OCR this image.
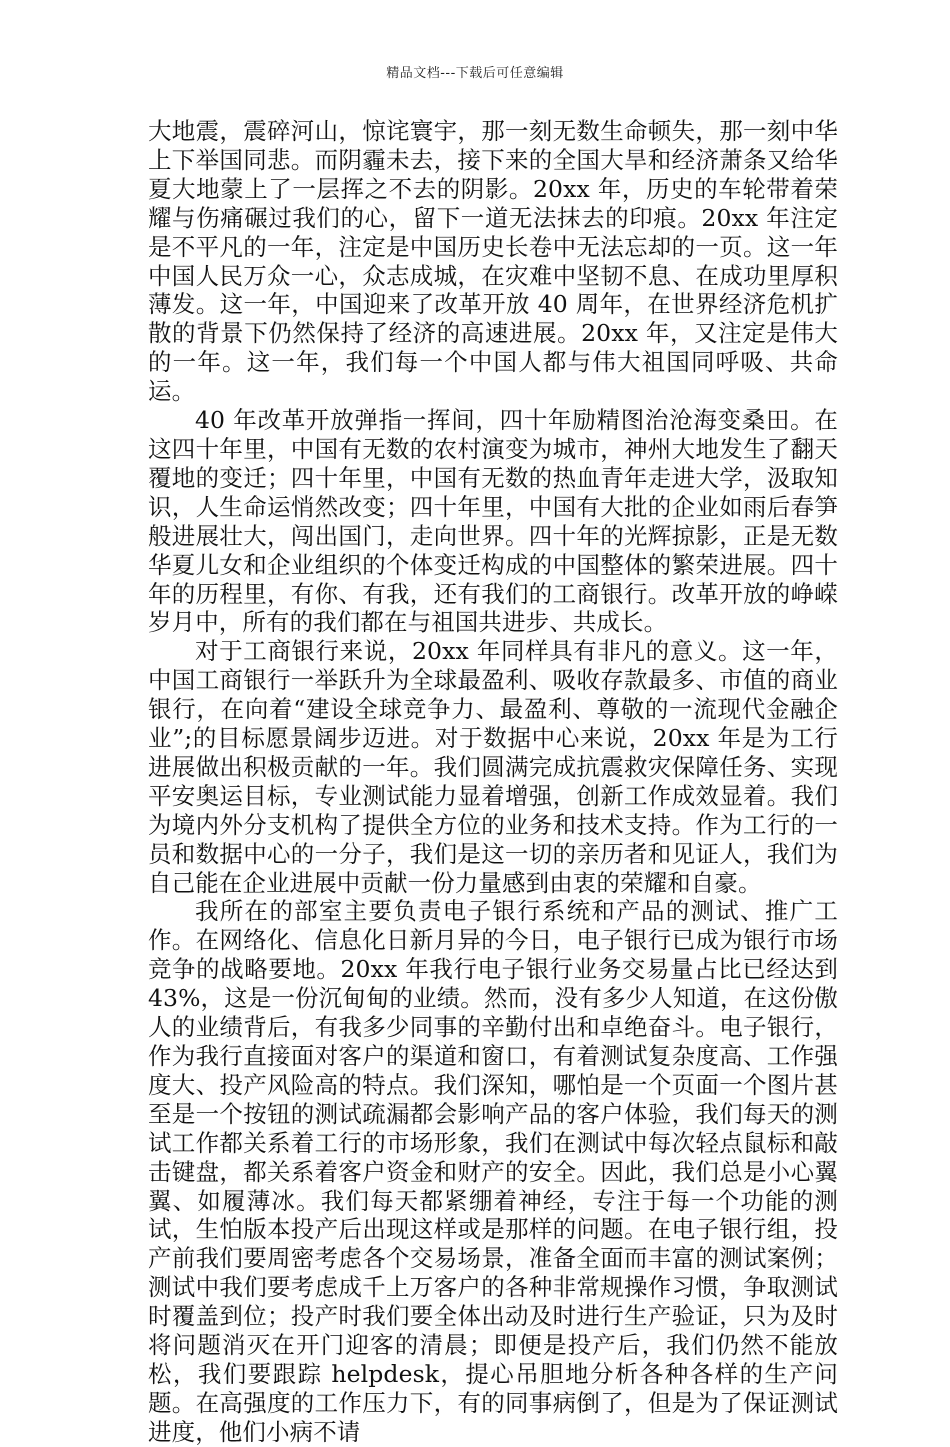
精品文档---下载后可任意编辑

大地震，震碎河山，惊诧寰宇，那一刻无数生命顿失，那一刻中华上下举国同悲。而阴霾未去，接下来的全国大旱和经济萧条又给华夏大地蒙上了一层挥之不去的阴影。20xx 年，历史的车轮带着荣耀与伤痛碾过我们的心，留下一道无法抹去的印痕。20xx 年注定是不平凡的一年，注定是中国历史长卷中无法忘却的一页。这一年中国人民万众一心，众志成城，在灾难中坚韧不息、在成功里厚积薄发。这一年，中国迎来了改革开放 40 周年，在世界经济危机扩散的背景下仍然保持了经济的高速进展。20xx 年，又注定是伟大的一年。这一年，我们每一个中国人都与伟大祖国同呼吸、共命运。

40 年改革开放弹指一挥间，四十年励精图治沧海变桑田。在这四十年里，中国有无数的农村演变为城市，神州大地发生了翻天覆地的变迁；四十年里，中国有无数的热血青年走进大学，汲取知识，人生命运悄然改变；四十年里，中国有大批的企业如雨后春笋般进展壮大，闯出国门，走向世界。四十年的光辉掠影，正是无数华夏儿女和企业组织的个体变迁构成的中国整体的繁荣进展。四十年的历程里，有你、有我，还有我们的工商银行。改革开放的峥嵘岁月中，所有的我们都在与祖国共进步、共成长。

对于工商银行来说，20xx 年同样具有非凡的意义。这一年，中国工商银行一举跃升为全球最盈利、吸收存款最多、市值的商业银行，在向着“建设全球竞争力、最盈利、尊敬的一流现代金融企业”;的目标愿景阔步迈进。对于数据中心来说，20xx 年是为工行进展做出积极贡献的一年。我们圆满完成抗震救灾保障任务、实现平安奥运目标，专业测试能力显着增强，创新工作成效显着。我们为境内外分支机构了提供全方位的业务和技术支持。作为工行的一员和数据中心的一分子，我们是这一切的亲历者和见证人，我们为自己能在企业进展中贡献一份力量感到由衷的荣耀和自豪。

我所在的部室主要负责电子银行系统和产品的测试、推广工作。在网络化、信息化日新月异的今日，电子银行已成为银行市场竞争的战略要地。20xx 年我行电子银行业务交易量占比已经达到 43%，这是一份沉甸甸的业绩。然而，没有多少人知道，在这份傲人的业绩背后，有我多少同事的辛勤付出和卓绝奋斗。电子银行，作为我行直接面对客户的渠道和窗口，有着测试复杂度高、工作强度大、投产风险高的特点。我们深知，哪怕是一个页面一个图片甚至是一个按钮的测试疏漏都会影响产品的客户体验，我们每天的测试工作都关系着工行的市场形象，我们在测试中每次轻点鼠标和敲击键盘，都关系着客户资金和财产的安全。因此，我们总是小心翼翼、如履薄冰。我们每天都紧绷着神经，专注于每一个功能的测试，生怕版本投产后出现这样或是那样的问题。在电子银行组，投产前我们要周密考虑各个交易场景，准备全面而丰富的测试案例；测试中我们要考虑成千上万客户的各种非常规操作习惯，争取测试时覆盖到位；投产时我们要全体出动及时进行生产验证，只为及时将问题消灭在开门迎客的清晨；即便是投产后，我们仍然不能放松，我们要跟踪 helpdesk，提心吊胆地分析各种各样的生产问题。在高强度的工作压力下，有的同事病倒了，但是为了保证测试进度，他们小病不请
